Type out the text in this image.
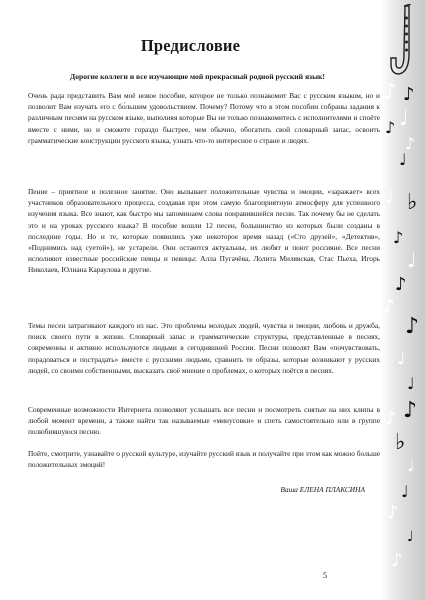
Предисловие

Дорогие коллеги и все изучающие мой прекрасный родной русский язык!

Очень рада представить Вам моё новое пособие, которое не только познакомит Вас с русским языком, но и позволит Вам изучать его с бо́льшим удовольствием. Почему? Потому что в этом пособии собраны задания к различным песням на русском языке, выполняя которые Вы не только познакомитесь с исполнителями и споёте вместе с ними, но и сможете гораздо быстрее, чем обычно, обогатить свой словарный запас, освоить грамматические конструкции русского языка, узнать что-то интересное о стране и людях.

Пение – приятное и полезное занятие. Оно вызывает положительные чувства и эмоции, «заражает» всех участников образовательного процесса, создавая при этом самую благоприятную атмосферу для успешного изучения языка. Все знают, как быстро мы запоминаем слова понравившейся песни. Так почему бы не сделать это и на уроках русского языка? В пособие вошли 12 песен, большинство из которых были созданы в последние годы. Но и те, которые появились уже некоторое время назад («Сто друзей», «Детектив», «Поднимись над суетой»), не устарели. Они остаются актуальны, их любят и поют россияне. Все песни исполняют известные российские певцы и певицы: Алла Пугачёва, Лолита Милявская, Стас Пьеха, Игорь Николаев, Юлиана Караулова и другие.

Темы песен затрагивают каждого из нас. Это проблемы молодых людей, чувства и эмоции, любовь и дружба, поиск своего пути в жизни. Словарный запас и грамматические структуры, представленные в песнях, современны и активно используются людьми в сегодняшней России. Песни позволят Вам «почувствовать, порадоваться и пострадать» вместе с русскими людьми, сравнить те образы, которые возникают у русских людей, со своими собственными, высказать своё мнение о проблемах, о которых поётся в песнях.

Современные возможности Интернета позволяют услышать все песни и посмотреть снятые на них клипы в любой момент времени, а также найти так называемые «минусовки» и спеть самостоятельно или в группе полюбившуюся песню.

Пойте, смотрите, узнавайте о русской культуре, изучайте русский язык и получайте при этом как можно больше положительных эмоций!

Ваша ЕЛЕНА ПЛАКСИНА

5

♪ ♪
♩
♪
♪
♩
♭
♩
♪
♩
♪
♪
♪
♩
♩
♪
♪
♭
♩
♩
♪
♩
♪
